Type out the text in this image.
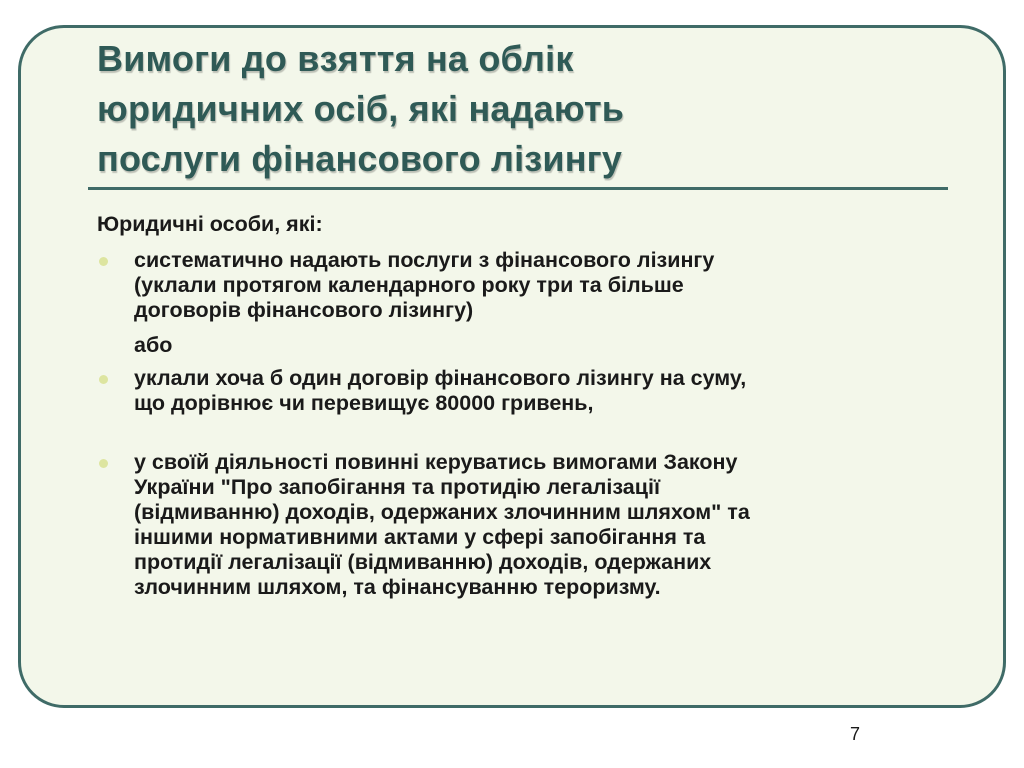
Вимоги до взяття на облік
юридичних осіб, які надають
послуги фінансового лізингу

Юридичні особи, які:

систематично надають послуги з фінансового лізингу
(уклали протягом календарного року три та більше
договорів фінансового лізингу)
або
уклали хоча б один договір фінансового лізингу на суму,
що дорівнює чи перевищує 80000 гривень,
у своїй діяльності повинні керуватись вимогами Закону
України "Про запобігання та протидію легалізації
(відмиванню) доходів, одержаних злочинним шляхом" та
іншими нормативними актами у сфері запобігання та
протидії легалізації (відмиванню) доходів, одержаних
злочинним шляхом, та фінансуванню тероризму.
7
